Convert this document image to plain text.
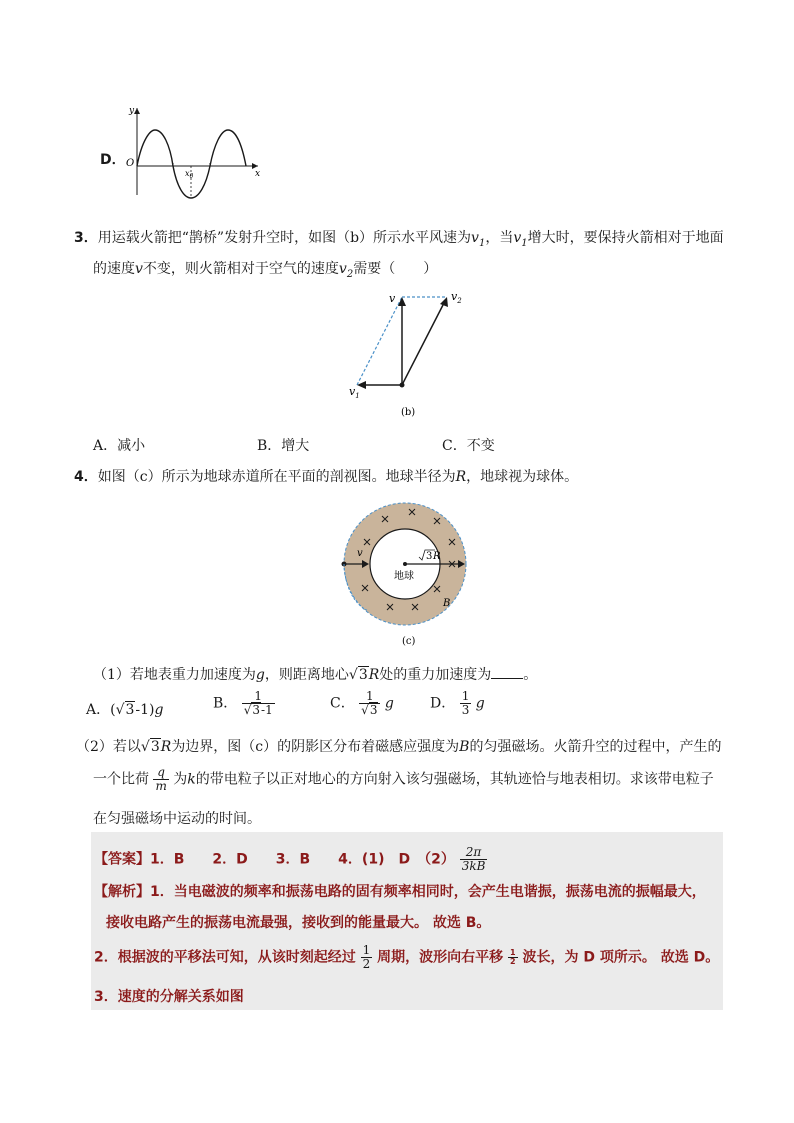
D． O
y
x
$x_0$
3．用运载火箭把“鹊桥”发射升空时，如图（b）所示水平风速为$v_1$，当$v_1$增大时，要保持火箭相对于地面
的速度v不变，则火箭相对于空气的速度$v_2$需要（　　）
v	$v_2$
$v_1$
(b)
A．减小	B．增大	C．不变
4．如图（c）所示为地球赤道所在平面的剖视图。地球半径为R，地球视为球体。
3 R
v
地球
B
(c)
（1）若地表重力加速度为g，则距离地心√3R处的重力加速度为 。
A．(√3-1)g	B． $\frac{1}{√3-1}$	C． $\frac{1}{√3}$ g	D． $\frac{1}{3}$ g
（2）若以√3R为边界，图（c）的阴影区分布着磁感应强度为B的匀强磁场。火箭升空的过程中，产生的
一个比荷 $\frac{q}{m}$ 为k的带电粒子以正对地心的方向射入该匀强磁场，其轨迹恰与地表相切。求该带电粒子
在匀强磁场中运动的时间。
【答案】1．B　　2．D　　3．B　　4．(1)　D　$(2) \frac{2\pi}{3kB}$
【解析】1．当电磁波的频率和振荡电路的固有频率相同时，会产生电谐振，振荡电流的振幅最大，
接收电路产生的振荡电流最强，接收到的能量最大。 故选 B。
2．根据波的平移法可知，从该时刻起经过 $\frac{1}{2}$ 周期，波形向右平移 $\frac{1}{2}$ 波长，为 D 项所示。 故选 D。
3．速度的分解关系如图
